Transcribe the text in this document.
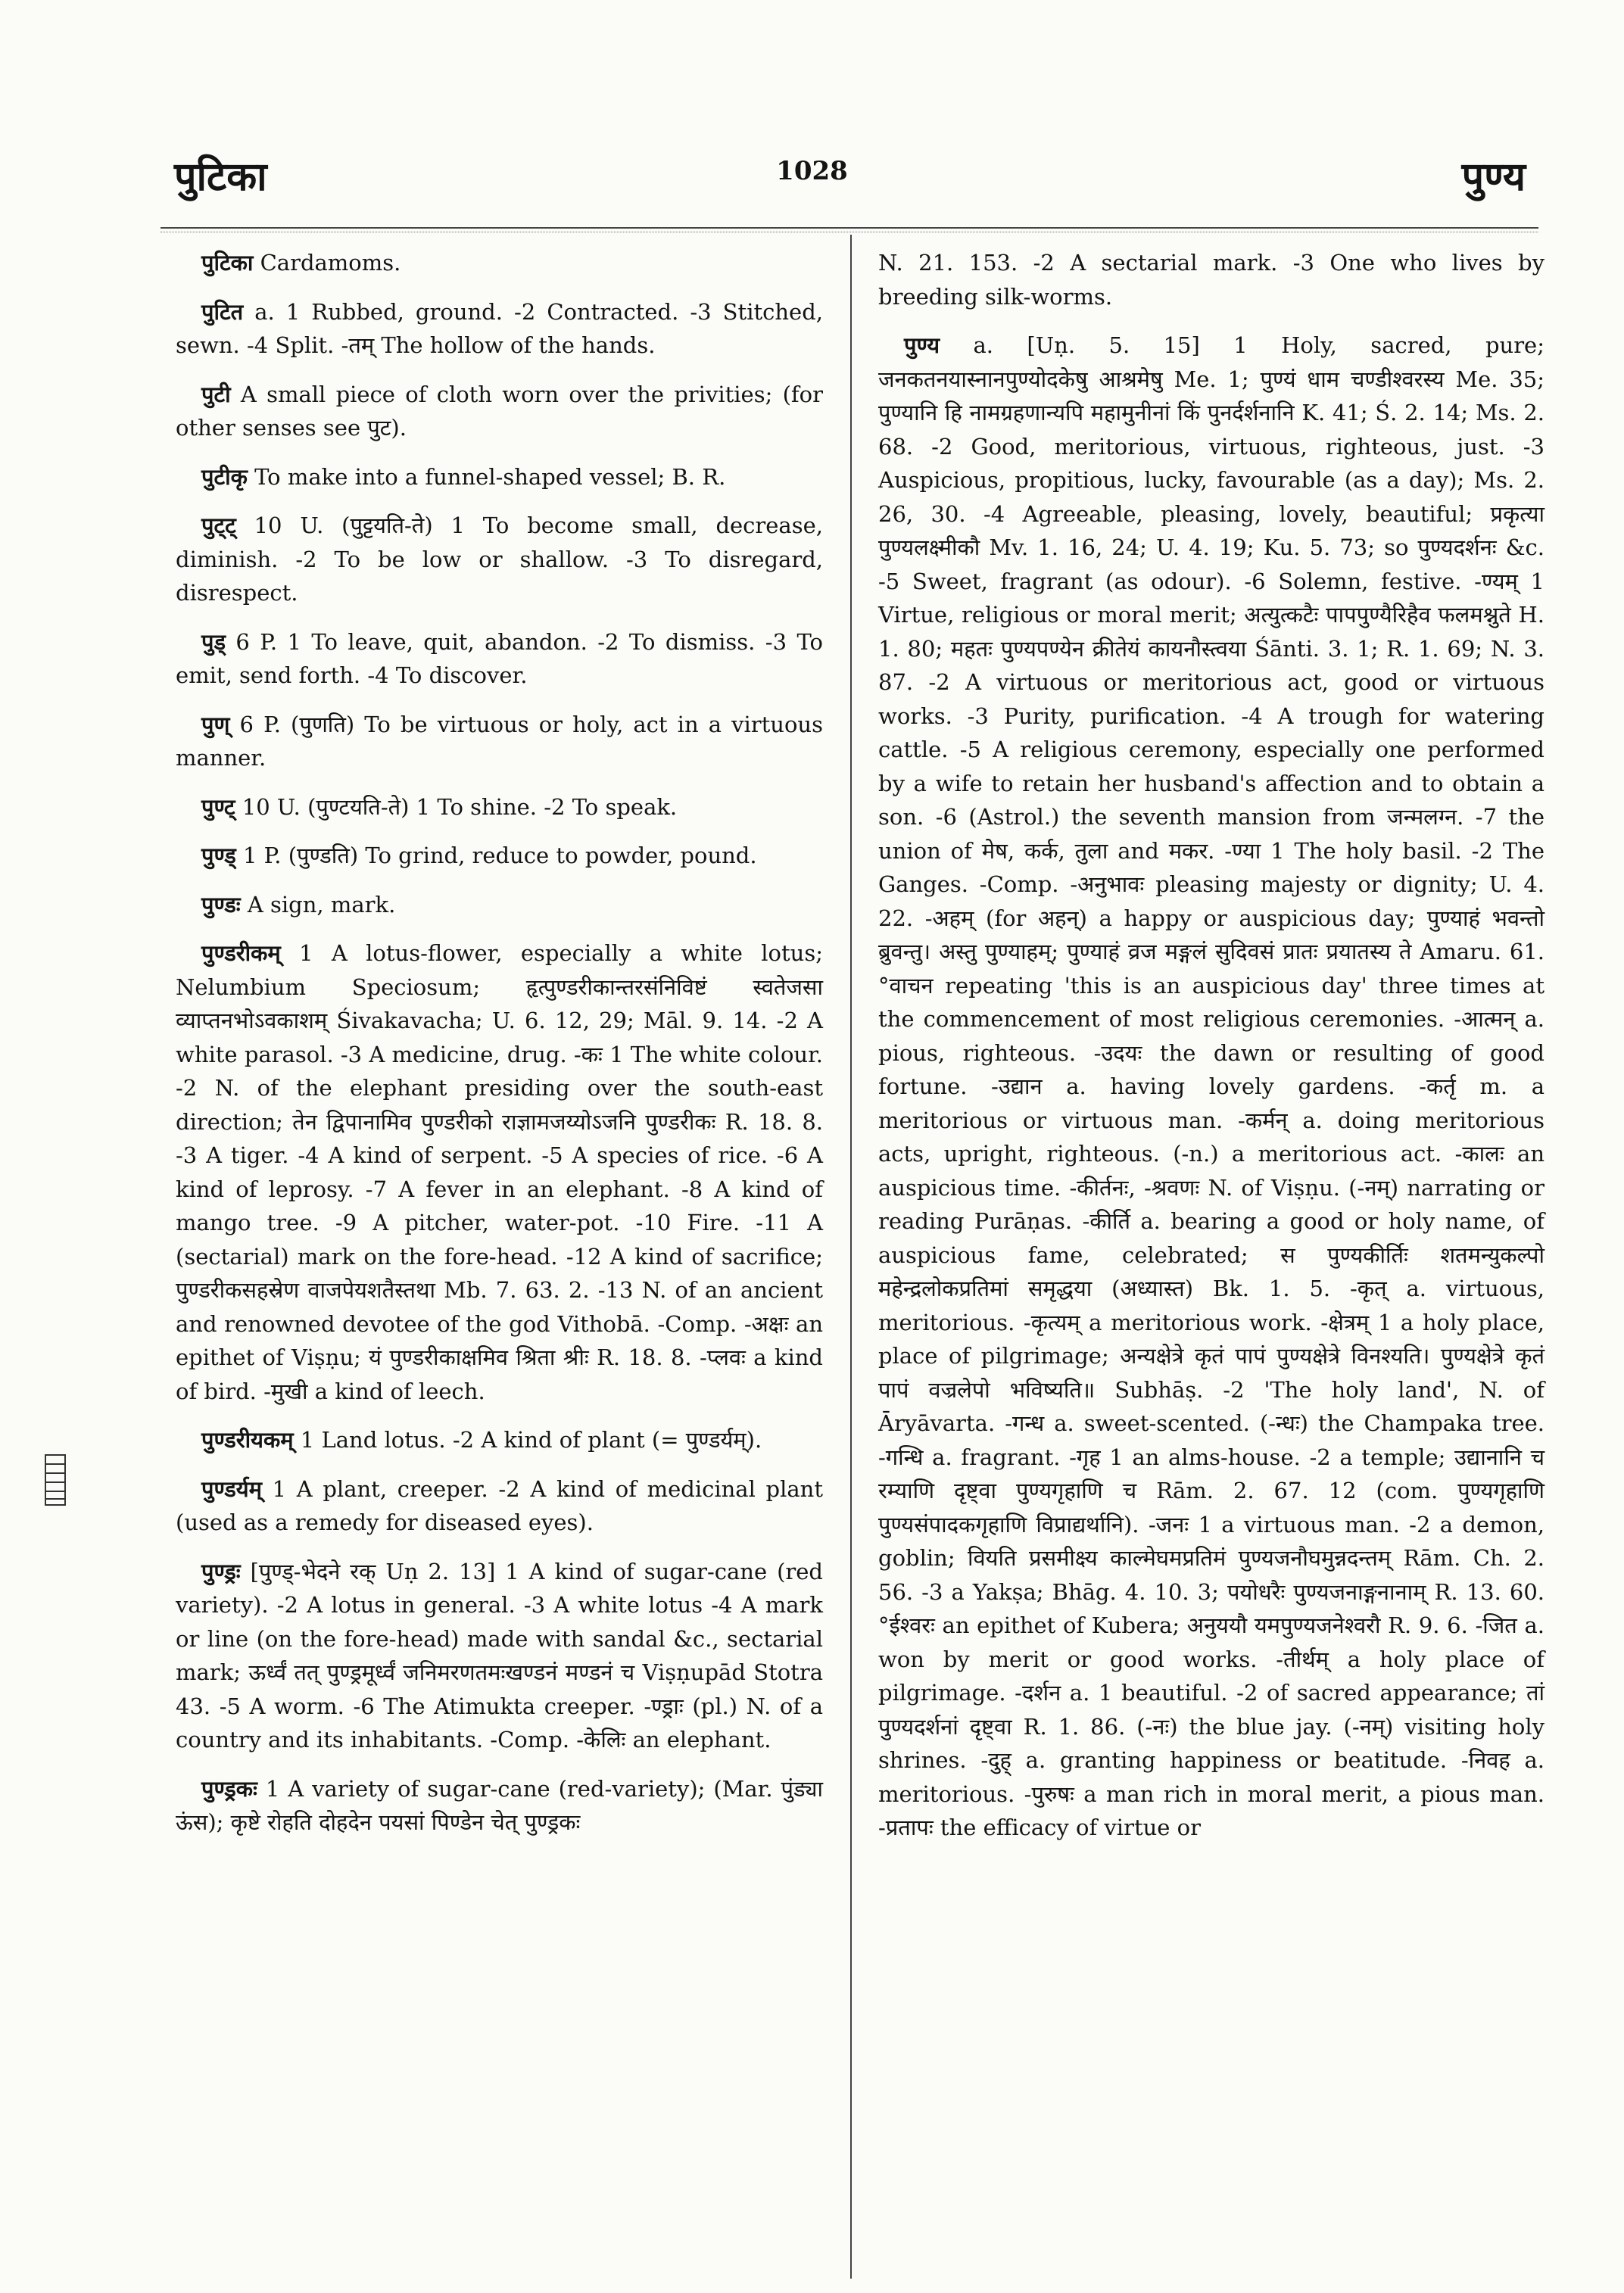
पुटिका	1028	पुण्य

पुटिका Cardamoms.

पुटित a. 1 Rubbed, ground. -2 Contracted. -3 Stitched, sewn. -4 Split. -तम् The hollow of the hands.

पुटी A small piece of cloth worn over the privities; (for other senses see पुट).

पुटीकृ To make into a funnel-shaped vessel; B. R.

पुट्ट् 10 U. (पुट्टयति-ते) 1 To become small, decrease, diminish. -2 To be low or shallow. -3 To disregard, disrespect.

पुड् 6 P. 1 To leave, quit, abandon. -2 To dismiss. -3 To emit, send forth. -4 To discover.

पुण् 6 P. (पुणति) To be virtuous or holy, act in a virtuous manner.

पुण्ट् 10 U. (पुण्टयति-ते) 1 To shine. -2 To speak.

पुण्ड् 1 P. (पुण्डति) To grind, reduce to powder, pound.

पुण्डः A sign, mark.

पुण्डरीकम् 1 A lotus-flower, especially a white lotus; Nelumbium Speciosum; हृत्पुण्डरीकान्तरसंनिविष्टं स्वतेजसा व्याप्तनभोऽवकाशम् Śivakavacha; U. 6. 12, 29; Māl. 9. 14. -2 A white parasol. -3 A medicine, drug. -कः 1 The white colour. -2 N. of the elephant presiding over the south-east direction; तेन द्विपानामिव पुण्डरीको राज्ञामजय्योऽजनि पुण्डरीकः R. 18. 8. -3 A tiger. -4 A kind of serpent. -5 A species of rice. -6 A kind of leprosy. -7 A fever in an elephant. -8 A kind of mango tree. -9 A pitcher, water-pot. -10 Fire. -11 A (sectarial) mark on the fore-head. -12 A kind of sacrifice; पुण्डरीकसहस्रेण वाजपेयशतैस्तथा Mb. 7. 63. 2. -13 N. of an ancient and renowned devotee of the god Vithobā. -Comp. -अक्षः an epithet of Viṣṇu; यं पुण्डरीकाक्षमिव श्रिता श्रीः R. 18. 8. -प्लवः a kind of bird. -मुखी a kind of leech.

पुण्डरीयकम् 1 Land lotus. -2 A kind of plant (= पुण्डर्यम्).

पुण्डर्यम् 1 A plant, creeper. -2 A kind of medicinal plant (used as a remedy for diseased eyes).

पुण्ड्रः [पुण्ड्-भेदने रक् Uṇ 2. 13] 1 A kind of sugar-cane (red variety). -2 A lotus in general. -3 A white lotus -4 A mark or line (on the fore-head) made with sandal &c., sectarial mark; ऊर्ध्वं तत् पुण्ड्रमूर्ध्वं जनिमरणतमःखण्डनं मण्डनं च Viṣṇupād Stotra 43. -5 A worm. -6 The Atimukta creeper. -ण्ड्राः (pl.) N. of a country and its inhabitants. -Comp. -केलिः an elephant.

पुण्ड्रकः 1 A variety of sugar-cane (red-variety); (Mar. पुंड्या ऊंस); कृष्टे रोहति दोहदेन पयसां पिण्डेन चेत् पुण्ड्रकः

N. 21. 153. -2 A sectarial mark. -3 One who lives by breeding silk-worms.

पुण्य a. [Uṇ. 5. 15] 1 Holy, sacred, pure; जनकतनयास्नानपुण्योदकेषु आश्रमेषु Me. 1; पुण्यं धाम चण्डीश्वरस्य Me. 35; पुण्यानि हि नामग्रहणान्यपि महामुनीनां किं पुनर्दर्शनानि K. 41; Ś. 2. 14; Ms. 2. 68. -2 Good, meritorious, virtuous, righteous, just. -3 Auspicious, propitious, lucky, favourable (as a day); Ms. 2. 26, 30. -4 Agreeable, pleasing, lovely, beautiful; प्रकृत्या पुण्यलक्ष्मीकौ Mv. 1. 16, 24; U. 4. 19; Ku. 5. 73; so पुण्यदर्शनः &c. -5 Sweet, fragrant (as odour). -6 Solemn, festive. -ण्यम् 1 Virtue, religious or moral merit; अत्युत्कटैः पापपुण्यैरिहैव फलमश्नुते H. 1. 80; महतः पुण्यपण्येन क्रीतेयं कायनौस्त्वया Śānti. 3. 1; R. 1. 69; N. 3. 87. -2 A virtuous or meritorious act, good or virtuous works. -3 Purity, purification. -4 A trough for watering cattle. -5 A religious ceremony, especially one performed by a wife to retain her husband's affection and to obtain a son. -6 (Astrol.) the seventh mansion from जन्मलग्न. -7 the union of मेष, कर्क, तुला and मकर. -ण्या 1 The holy basil. -2 The Ganges. -Comp. -अनुभावः pleasing majesty or dignity; U. 4. 22. -अहम् (for अहन्) a happy or auspicious day; पुण्याहं भवन्तो ब्रुवन्तु। अस्तु पुण्याहम्; पुण्याहं व्रज मङ्गलं सुदिवसं प्रातः प्रयातस्य ते Amaru. 61. °वाचन repeating 'this is an auspicious day' three times at the commencement of most religious ceremonies. -आत्मन् a. pious, righteous. -उदयः the dawn or resulting of good fortune. -उद्यान a. having lovely gardens. -कर्तृ m. a meritorious or virtuous man. -कर्मन् a. doing meritorious acts, upright, righteous. (-n.) a meritorious act. -कालः an auspicious time. -कीर्तनः, -श्रवणः N. of Viṣṇu. (-नम्) narrating or reading Purāṇas. -कीर्ति a. bearing a good or holy name, of auspicious fame, celebrated; स पुण्यकीर्तिः शतमन्युकल्पो महेन्द्रलोकप्रतिमां समृद्धया (अध्यास्त) Bk. 1. 5. -कृत् a. virtuous, meritorious. -कृत्यम् a meritorious work. -क्षेत्रम् 1 a holy place, place of pilgrimage; अन्यक्षेत्रे कृतं पापं पुण्यक्षेत्रे विनश्यति। पुण्यक्षेत्रे कृतं पापं वज्रलेपो भविष्यति॥ Subhāṣ. -2 'The holy land', N. of Āryāvarta. -गन्ध a. sweet-scented. (-न्धः) the Champaka tree. -गन्धि a. fragrant. -गृह 1 an alms-house. -2 a temple; उद्यानानि च रम्याणि दृष्ट्वा पुण्यगृहाणि च Rām. 2. 67. 12 (com. पुण्यगृहाणि पुण्यसंपादकगृहाणि विप्राद्यर्थानि). -जनः 1 a virtuous man. -2 a demon, goblin; वियति प्रसमीक्ष्य काल्मेघमप्रतिमं पुण्यजनौघमुन्नदन्तम् Rām. Ch. 2. 56. -3 a Yakṣa; Bhāg. 4. 10. 3; पयोधरैः पुण्यजनाङ्गनानाम् R. 13. 60. °ईश्वरः an epithet of Kubera; अनुययौ यमपुण्यजनेश्वरौ R. 9. 6. -जित a. won by merit or good works. -तीर्थम् a holy place of pilgrimage. -दर्शन a. 1 beautiful. -2 of sacred appearance; तां पुण्यदर्शनां दृष्ट्वा R. 1. 86. (-नः) the blue jay. (-नम्) visiting holy shrines. -दुह् a. granting happiness or beatitude. -निवह a. meritorious. -पुरुषः a man rich in moral merit, a pious man. -प्रतापः the efficacy of virtue or
